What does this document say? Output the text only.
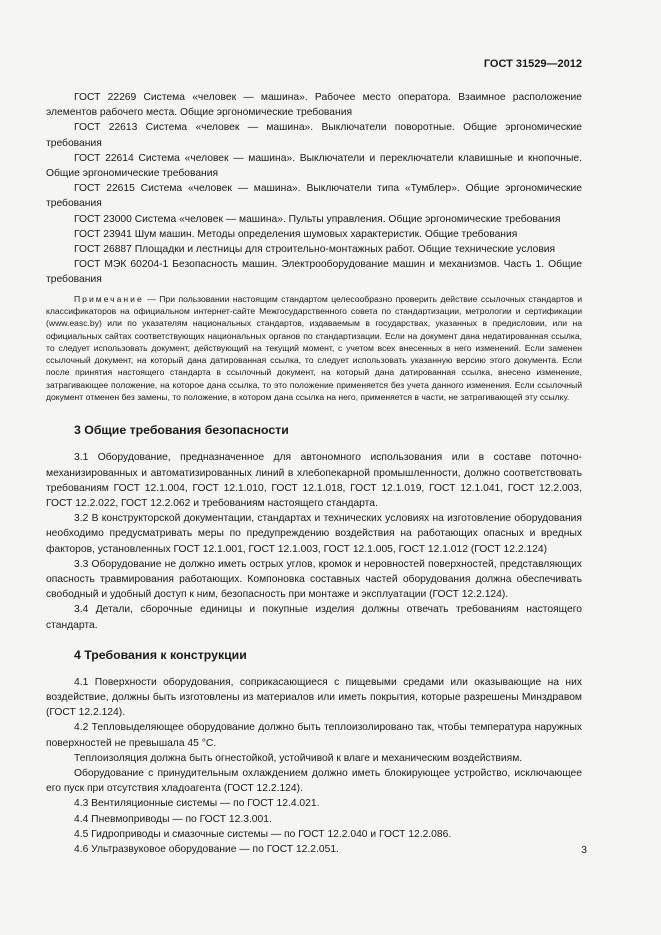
ГОСТ 31529—2012

ГОСТ 22269 Система «человек — машина». Рабочее место оператора. Взаимное расположение элементов рабочего места. Общие эргономические требования

ГОСТ 22613 Система «человек — машина». Выключатели поворотные. Общие эргономические требования

ГОСТ 22614 Система «человек — машина». Выключатели и переключатели клавишные и кнопочные. Общие эргономические требования

ГОСТ 22615 Система «человек — машина». Выключатели типа «Тумблер». Общие эргономические требования

ГОСТ 23000 Система «человек — машина». Пульты управления. Общие эргономические требования

ГОСТ 23941 Шум машин. Методы определения шумовых характеристик. Общие требования

ГОСТ 26887 Площадки и лестницы для строительно-монтажных работ. Общие технические условия

ГОСТ МЭК 60204-1 Безопасность машин. Электрооборудование машин и механизмов. Часть 1. Общие требования

Примечание — При пользовании настоящим стандартом целесообразно проверить действие ссылочных стандартов и классификаторов на официальном интернет-сайте Межгосударственного совета по стандартизации, метрологии и сертификации (www.easc.by) или по указателям национальных стандартов, издаваемым в государствах, указанных в предисловии, или на официальных сайтах соответствующих национальных органов по стандартизации. Если на документ дана недатированная ссылка, то следует использовать документ, действующий на текущий момент, с учетом всех внесенных в него изменений. Если заменен ссылочный документ, на который дана датированная ссылка, то следует использовать указанную версию этого документа. Если после принятия настоящего стандарта в ссылочный документ, на который дана датированная ссылка, внесено изменение, затрагивающее положение, на которое дана ссылка, то это положение применяется без учета данного изменения. Если ссылочный документ отменен без замены, то положение, в котором дана ссылка на него, применяется в части, не затрагивающей эту ссылку.

3 Общие требования безопасности

3.1 Оборудование, предназначенное для автономного использования или в составе поточно-механизированных и автоматизированных линий в хлебопекарной промышленности, должно соответствовать требованиям ГОСТ 12.1.004, ГОСТ 12.1.010, ГОСТ 12.1.018, ГОСТ 12.1.019, ГОСТ 12.1.041, ГОСТ 12.2.003, ГОСТ 12.2.022, ГОСТ 12.2.062 и требованиям настоящего стандарта.

3.2 В конструкторской документации, стандартах и технических условиях на изготовление оборудования необходимо предусматривать меры по предупреждению воздействия на работающих опасных и вредных факторов, установленных ГОСТ 12.1.001, ГОСТ 12.1.003, ГОСТ 12.1.005, ГОСТ 12.1.012 (ГОСТ 12.2.124)

3.3 Оборудование не должно иметь острых углов, кромок и неровностей поверхностей, представляющих опасность травмирования работающих. Компоновка составных частей оборудования должна обеспечивать свободный и удобный доступ к ним, безопасность при монтаже и эксплуатации (ГОСТ 12.2.124).

3.4 Детали, сборочные единицы и покупные изделия должны отвечать требованиям настоящего стандарта.

4 Требования к конструкции

4.1 Поверхности оборудования, соприкасающиеся с пищевыми средами или оказывающие на них воздействие, должны быть изготовлены из материалов или иметь покрытия, которые разрешены Минздравом (ГОСТ 12.2.124).

4.2 Тепловыделяющее оборудование должно быть теплоизолировано так, чтобы температура наружных поверхностей не превышала 45 °С.

Теплоизоляция должна быть огнестойкой, устойчивой к влаге и механическим воздействиям.

Оборудование с принудительным охлаждением должно иметь блокирующее устройство, исключающее его пуск при отсутствия хладоагента (ГОСТ 12.2.124).

4.3 Вентиляционные системы — по ГОСТ 12.4.021.

4.4 Пневмоприводы — по ГОСТ 12.3.001.

4.5 Гидроприводы и смазочные системы — по ГОСТ 12.2.040 и ГОСТ 12.2.086.

4.6 Ультразвуковое оборудование — по ГОСТ 12.2.051.	3
